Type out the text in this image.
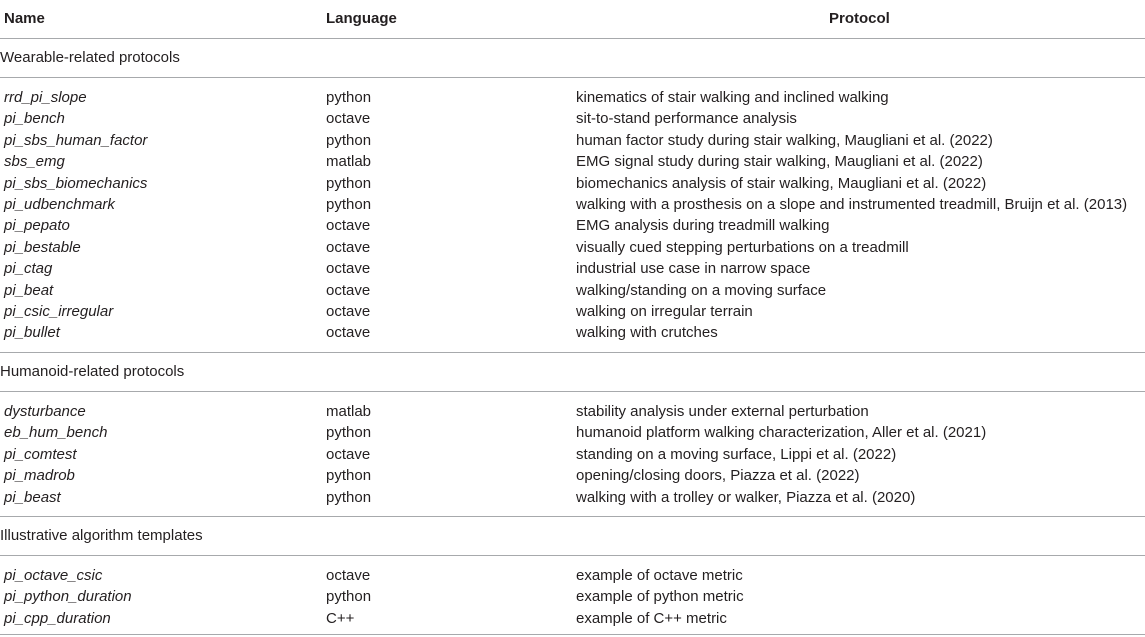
Name	Language	Protocol
Wearable-related protocols
rrd_pi_slope	python	kinematics of stair walking and inclined walking
pi_bench	octave	sit-to-stand performance analysis
pi_sbs_human_factor	python	human factor study during stair walking, Maugliani et al. (2022)
sbs_emg	matlab	EMG signal study during stair walking, Maugliani et al. (2022)
pi_sbs_biomechanics	python	biomechanics analysis of stair walking, Maugliani et al. (2022)
pi_udbenchmark	python	walking with a prosthesis on a slope and instrumented treadmill, Bruijn et al. (2013)
pi_pepato	octave	EMG analysis during treadmill walking
pi_bestable	octave	visually cued stepping perturbations on a treadmill
pi_ctag	octave	industrial use case in narrow space
pi_beat	octave	walking/standing on a moving surface
pi_csic_irregular	octave	walking on irregular terrain
pi_bullet	octave	walking with crutches
Humanoid-related protocols
dysturbance	matlab	stability analysis under external perturbation
eb_hum_bench	python	humanoid platform walking characterization, Aller et al. (2021)
pi_comtest	octave	standing on a moving surface, Lippi et al. (2022)
pi_madrob	python	opening/closing doors, Piazza et al. (2022)
pi_beast	python	walking with a trolley or walker, Piazza et al. (2020)
Illustrative algorithm templates
pi_octave_csic	octave	example of octave metric
pi_python_duration	python	example of python metric
pi_cpp_duration	C++	example of C++ metric
